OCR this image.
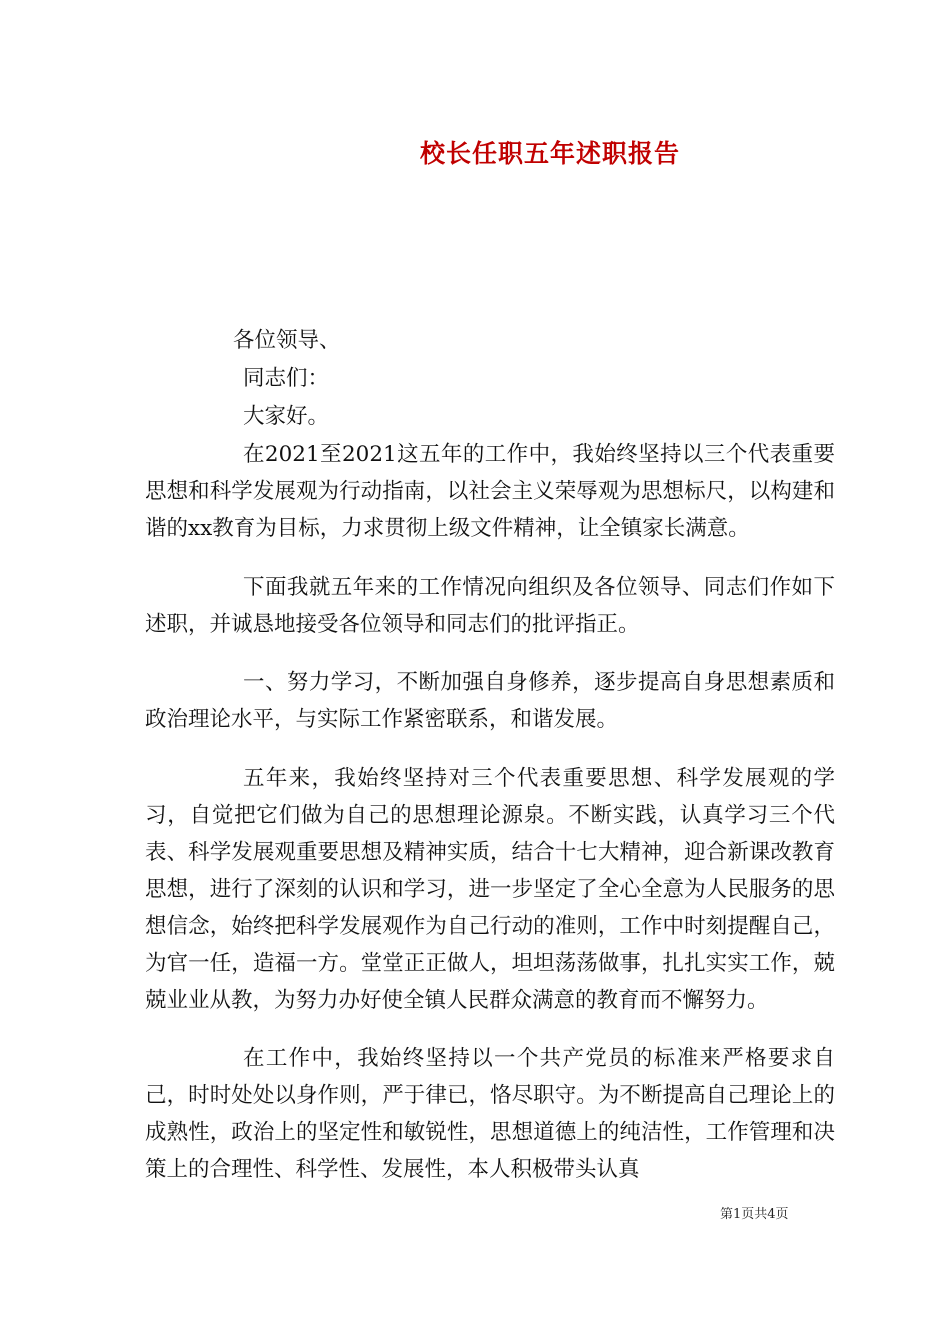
校长任职五年述职报告
各位领导、
同志们：
大家好。

在2021至2021这五年的工作中，我始终坚持以三个代表重要思想和科学发展观为行动指南，以社会主义荣辱观为思想标尺，以构建和谐的xx教育为目标，力求贯彻上级文件精神，让全镇家长满意。

下面我就五年来的工作情况向组织及各位领导、同志们作如下述职，并诚恳地接受各位领导和同志们的批评指正。

一、努力学习，不断加强自身修养，逐步提高自身思想素质和政治理论水平，与实际工作紧密联系，和谐发展。

五年来，我始终坚持对三个代表重要思想、科学发展观的学习，自觉把它们做为自己的思想理论源泉。不断实践，认真学习三个代表、科学发展观重要思想及精神实质，结合十七大精神，迎合新课改教育思想，进行了深刻的认识和学习，进一步坚定了全心全意为人民服务的思想信念，始终把科学发展观作为自己行动的准则，工作中时刻提醒自己，为官一任，造福一方。堂堂正正做人，坦坦荡荡做事，扎扎实实工作，兢兢业业从教，为努力办好使全镇人民群众满意的教育而不懈努力。

在工作中，我始终坚持以一个共产党员的标准来严格要求自己，时时处处以身作则，严于律已，恪尽职守。为不断提高自己理论上的成熟性，政治上的坚定性和敏锐性，思想道德上的纯洁性，工作管理和决策上的合理性、科学性、发展性，本人积极带头认真

第1页共4页
